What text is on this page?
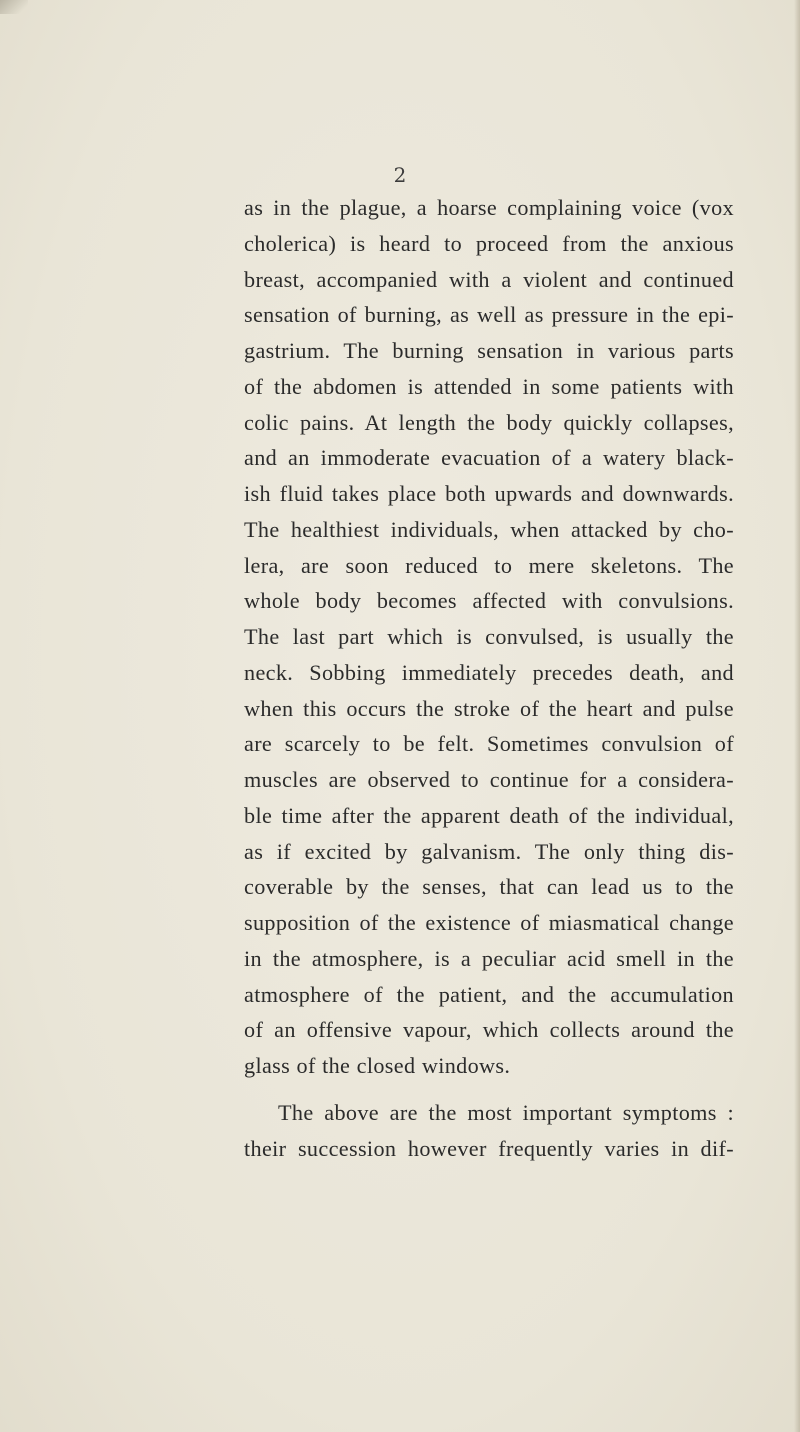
2

as in the plague, a hoarse complaining voice (vox
cholerica) is heard to proceed from the anxious
breast, accompanied with a violent and continued
sensation of burning, as well as pressure in the epi-
gastrium. The burning sensation in various parts
of the abdomen is attended in some patients with
colic pains. At length the body quickly collapses,
and an immoderate evacuation of a watery black-
ish fluid takes place both upwards and downwards.
The healthiest individuals, when attacked by cho-
lera, are soon reduced to mere skeletons. The
whole body becomes affected with convulsions.
The last part which is convulsed, is usually the
neck. Sobbing immediately precedes death, and
when this occurs the stroke of the heart and pulse
are scarcely to be felt. Sometimes convulsion of
muscles are observed to continue for a considera-
ble time after the apparent death of the individual,
as if excited by galvanism. The only thing dis-
coverable by the senses, that can lead us to the
supposition of the existence of miasmatical change
in the atmosphere, is a peculiar acid smell in the
atmosphere of the patient, and the accumulation
of an offensive vapour, which collects around the
glass of the closed windows.
The above are the most important symptoms :
their succession however frequently varies in dif-
